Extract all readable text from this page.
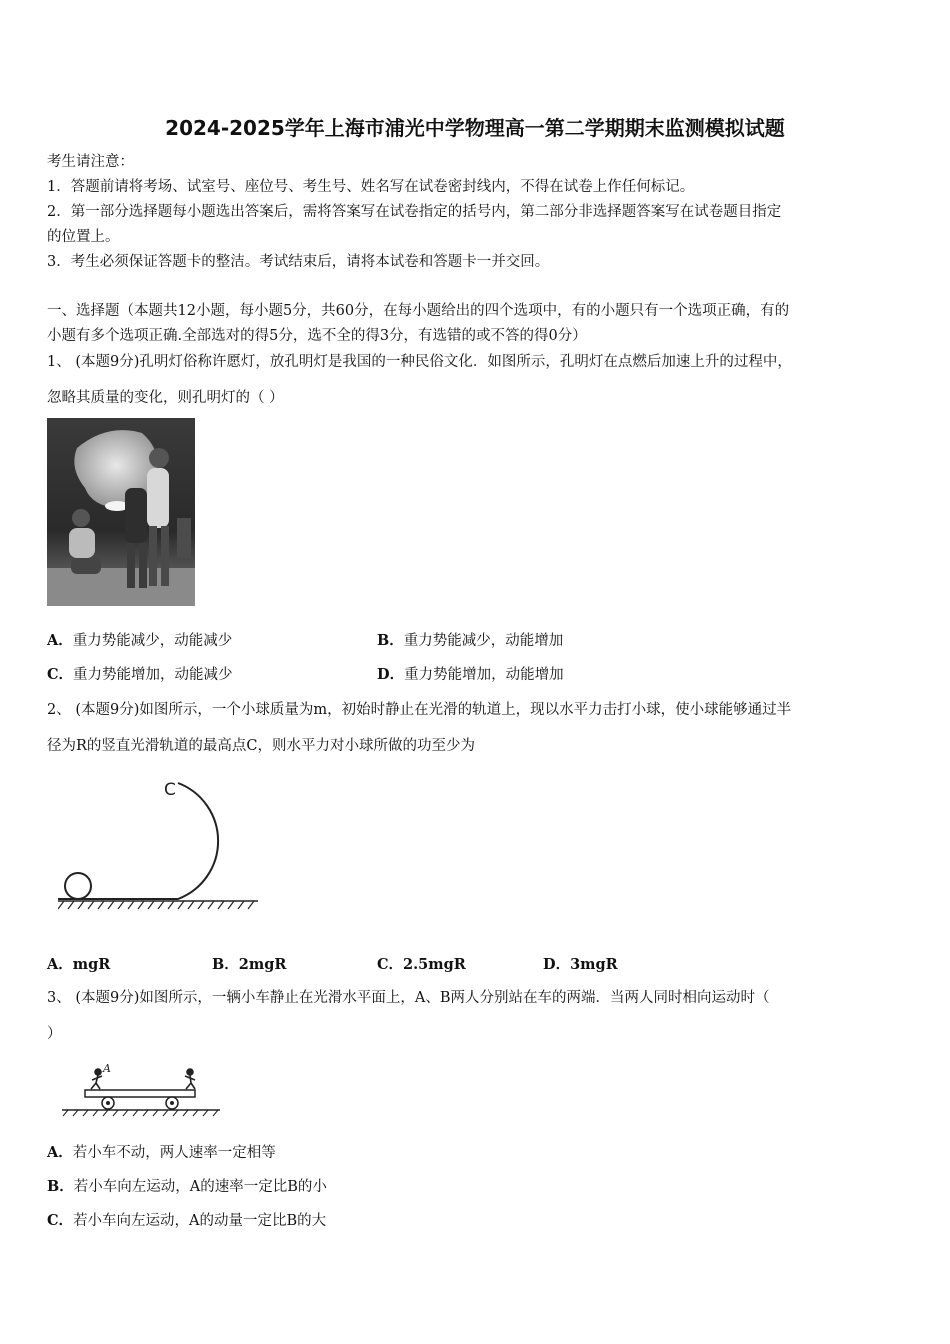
2024-2025学年上海市浦光中学物理高一第二学期期末监测模拟试题
考生请注意：
1．答题前请将考场、试室号、座位号、考生号、姓名写在试卷密封线内，不得在试卷上作任何标记。
2．第一部分选择题每小题选出答案后，需将答案写在试卷指定的括号内，第二部分非选择题答案写在试卷题目指定
的位置上。
3．考生必须保证答题卡的整洁。考试结束后，请将本试卷和答题卡一并交回。
一、选择题（本题共12小题，每小题5分，共60分，在每小题给出的四个选项中，有的小题只有一个选项正确，有的
小题有多个选项正确.全部选对的得5分，选不全的得3分，有选错的或不答的得0分）
1、 (本题9分)孔明灯俗称许愿灯，放孔明灯是我国的一种民俗文化．如图所示，孔明灯在点燃后加速上升的过程中，
忽略其质量的变化，则孔明灯的（ ）
A．重力势能减少，动能减少	B．重力势能减少，动能增加
C．重力势能增加，动能减少	D．重力势能增加，动能增加
2、 (本题9分)如图所示，一个小球质量为m，初始时静止在光滑的轨道上，现以水平力击打小球，使小球能够通过半
径为R的竖直光滑轨道的最高点C，则水平力对小球所做的功至少为
C
A．mgR	B．2mgR	C．2.5mgR	D．3mgR
3、 (本题9分)如图所示，一辆小车静止在光滑水平面上，A、B两人分别站在车的两端．当两人同时相向运动时（
）
A
A．若小车不动，两人速率一定相等
B．若小车向左运动，A的速率一定比B的小
C．若小车向左运动，A的动量一定比B的大
